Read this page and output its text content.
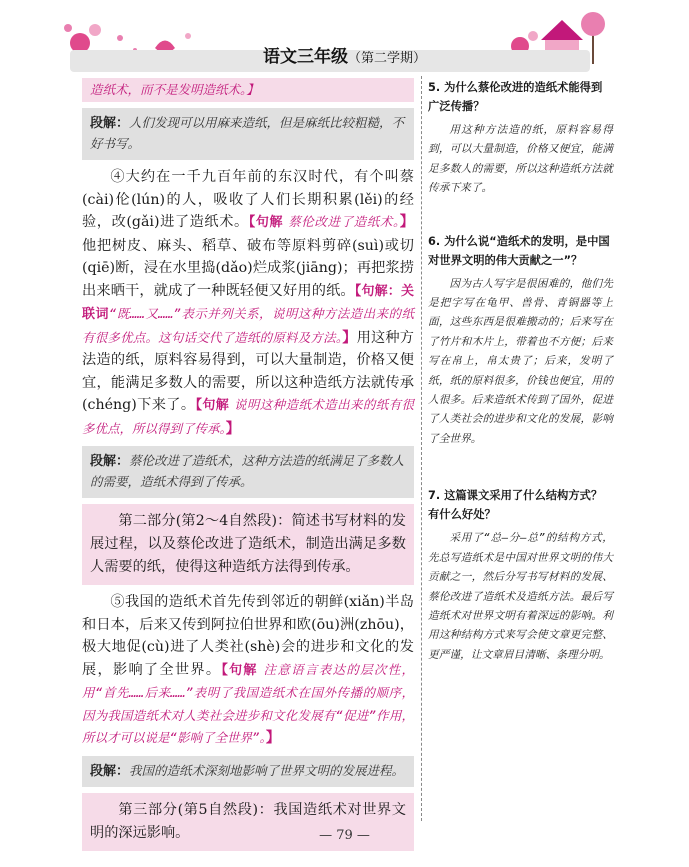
语文三年级（第二学期）

造纸术，而不是发明造纸术。】

段解：人们发现可以用麻来造纸，但是麻纸比较粗糙，不好书写。

④大约在一千九百年前的东汉时代，有个叫蔡(cài)伦(lún)的人，吸收了人们长期积累(lěi)的经验，改(gǎi)进了造纸术。【句解 蔡伦改进了造纸术。】他把树皮、麻头、稻草、破布等原料剪碎(suì)或切(qiē)断，浸在水里捣(dǎo)烂成浆(jiāng)；再把浆捞出来晒干，就成了一种既轻便又好用的纸。【句解：关联词“既……又……”表示并列关系，说明这种方法造出来的纸有很多优点。这句话交代了造纸的原料及方法。】用这种方法造的纸，原料容易得到，可以大量制造，价格又便宜，能满足多数人的需要，所以这种造纸方法就传承(chéng)下来了。【句解 说明这种造纸术造出来的纸有很多优点，所以得到了传承。】

段解：蔡伦改进了造纸术，这种方法造的纸满足了多数人的需要，造纸术得到了传承。

第二部分(第2～4自然段)：简述书写材料的发展过程，以及蔡伦改进了造纸术，制造出满足多数人需要的纸，使得这种造纸方法得到传承。

⑤我国的造纸术首先传到邻近的朝鲜(xiǎn)半岛和日本，后来又传到阿拉伯世界和欧(ōu)洲(zhōu)，极大地促(cù)进了人类社(shè)会的进步和文化的发展，影响了全世界。【句解 注意语言表达的层次性，用“首先……后来……”表明了我国造纸术在国外传播的顺序，因为我国造纸术对人类社会进步和文化发展有“促进”作用，所以才可以说是“影响了全世界”。】

段解：我国的造纸术深刻地影响了世界文明的发展进程。

第三部分(第5自然段)：我国造纸术对世界文明的深远影响。

5. 为什么蔡伦改进的造纸术能得到广泛传播？

用这种方法造的纸，原料容易得到，可以大量制造，价格又便宜，能满足多数人的需要，所以这种造纸方法就传承下来了。

6. 为什么说“造纸术的发明，是中国对世界文明的伟大贡献之一”？

因为古人写字是很困难的，他们先是把字写在龟甲、兽骨、青铜器等上面，这些东西是很难搬动的；后来写在了竹片和木片上，带着也不方便；后来写在帛上，帛太贵了；后来，发明了纸，纸的原料很多，价钱也便宜，用的人很多。后来造纸术传到了国外，促进了人类社会的进步和文化的发展，影响了全世界。

7. 这篇课文采用了什么结构方式？有什么好处？

采用了“总—分—总”的结构方式，先总写造纸术是中国对世界文明的伟大贡献之一，然后分写书写材料的发展、蔡伦改进了造纸术及造纸方法。最后写造纸术对世界文明有着深远的影响。利用这种结构方式来写会使文章更完整、更严谨，让文章眉目清晰、条理分明。

— 79 —
